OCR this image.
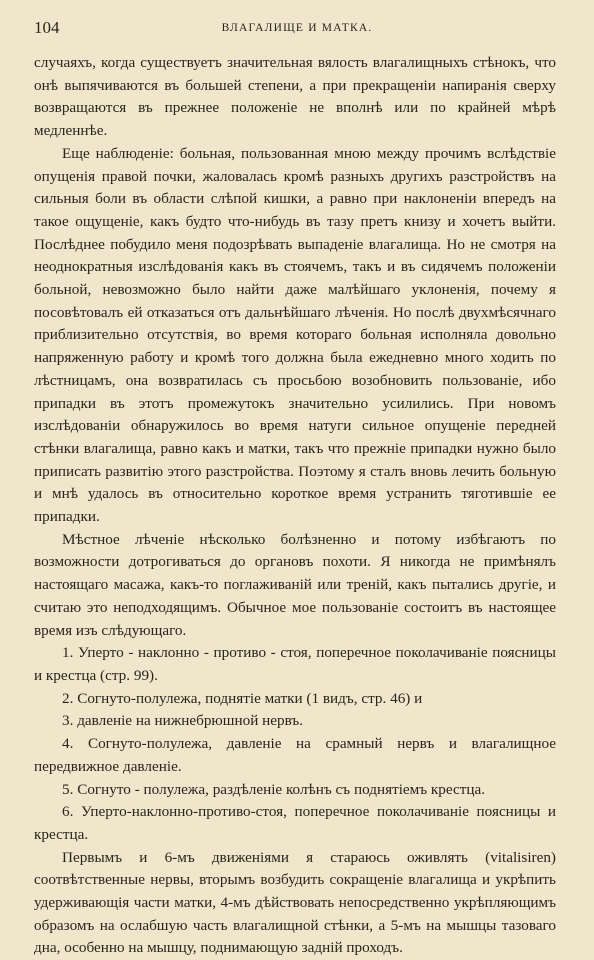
104	ВЛАГАЛИЩЕ И МАТКА.

случаяхъ, когда существуетъ значительная вялость влагалищныхъ стѣнокъ, что онѣ выпячиваются въ большей степени, а при прекращеніи напиранія сверху возвращаются въ прежнее положеніе не вполнѣ или по крайней мѣрѣ медленнѣе.

Еще наблюденіе: больная, пользованная мною между прочимъ вслѣдствіе опущенія правой почки, жаловалась кромѣ разныхъ другихъ разстройствъ на сильныя боли въ области слѣпой кишки, а равно при наклоненіи впередъ на такое ощущеніе, какъ будто что-нибудь въ тазу претъ книзу и хочетъ выйти. Послѣднее побудило меня подозрѣвать выпаденіе влагалища. Но не смотря на неоднократныя изслѣдованія какъ въ стоячемъ, такъ и въ сидячемъ положеніи больной, невозможно было найти даже малѣйшаго уклоненія, почему я посовѣтовалъ ей отказаться отъ дальнѣйшаго лѣченія. Но послѣ двухмѣсячнаго приблизительно отсутствія, во время котораго больная исполняла довольно напряженную работу и кромѣ того должна была ежедневно много ходить по лѣстницамъ, она возвратилась съ просьбою возобновить пользованіе, ибо припадки въ этотъ промежутокъ значительно усилились. При новомъ изслѣдованіи обнаружилось во время натуги сильное опущеніе передней стѣнки влагалища, равно какъ и матки, такъ что прежніе припадки нужно было приписать развитію этого разстройства. Поэтому я сталъ вновь лечить больную и мнѣ удалось въ относительно короткое время устранить тяготившіе ее припадки.

Мѣстное лѣченіе нѣсколько болѣзненно и потому избѣгаютъ по возможности дотрогиваться до органовъ похоти. Я никогда не примѣнялъ настоящаго масажа, какъ-то поглаживаній или треній, какъ пытались другіе, и считаю это неподходящимъ. Обычное мое пользованіе состоитъ въ настоящее время изъ слѣдующаго.

1. Уперто - наклонно - противо - стоя, поперечное поколачиваніе поясницы и крестца (стр. 99).

2. Согнуто-полулежа, поднятіе матки (1 видъ, стр. 46) и

3. давленіе на нижнебрюшной нервъ.

4. Согнуто-полулежа, давленіе на срамный нервъ и влагалищное передвижное давленіе.

5. Согнуто - полулежа, раздѣленіе колѣнъ съ поднятіемъ крестца.

6. Уперто-наклонно-противо-стоя, поперечное поколачиваніе поясницы и крестца.

Первымъ и 6-мъ движеніями я стараюсь оживлять (vitalisiren) соотвѣтственные нервы, вторымъ возбудить сокращеніе влагалища и укрѣпить удерживающія части матки, 4-мъ дѣйствовать непосредственно укрѣпляющимъ образомъ на ослабшую часть влагалищной стѣнки, а 5-мъ на мышцы тазоваго дна, особенно на мышцу, поднимающую задній проходъ.
